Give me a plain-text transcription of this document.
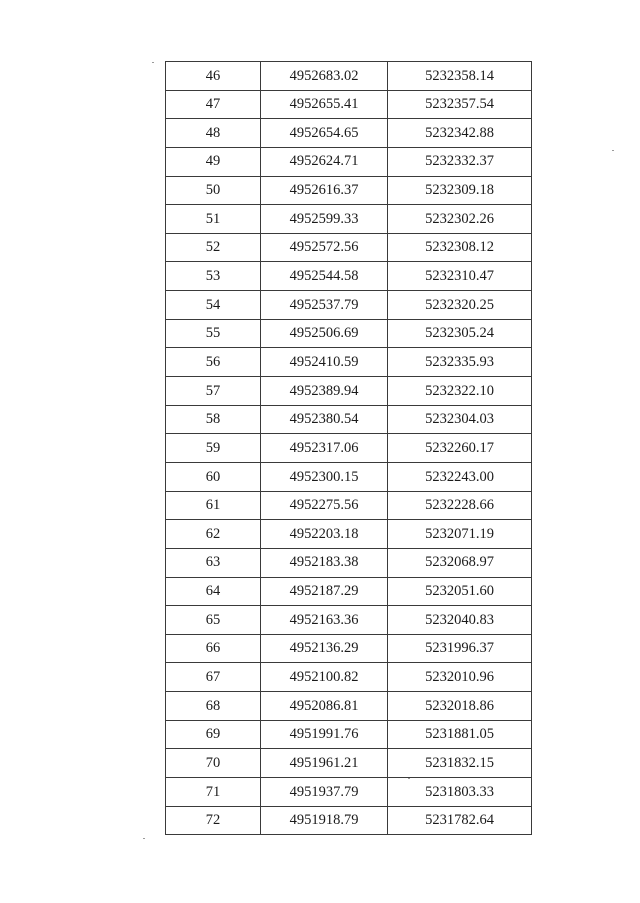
46	4952683.02	5232358.14
47	4952655.41	5232357.54
48	4952654.65	5232342.88
49	4952624.71	5232332.37
50	4952616.37	5232309.18
51	4952599.33	5232302.26
52	4952572.56	5232308.12
53	4952544.58	5232310.47
54	4952537.79	5232320.25
55	4952506.69	5232305.24
56	4952410.59	5232335.93
57	4952389.94	5232322.10
58	4952380.54	5232304.03
59	4952317.06	5232260.17
60	4952300.15	5232243.00
61	4952275.56	5232228.66
62	4952203.18	5232071.19
63	4952183.38	5232068.97
64	4952187.29	5232051.60
65	4952163.36	5232040.83
66	4952136.29	5231996.37
67	4952100.82	5232010.96
68	4952086.81	5232018.86
69	4951991.76	5231881.05
70	4951961.21	5231832.15
71	4951937.79	5231803.33
72	4951918.79	5231782.64
